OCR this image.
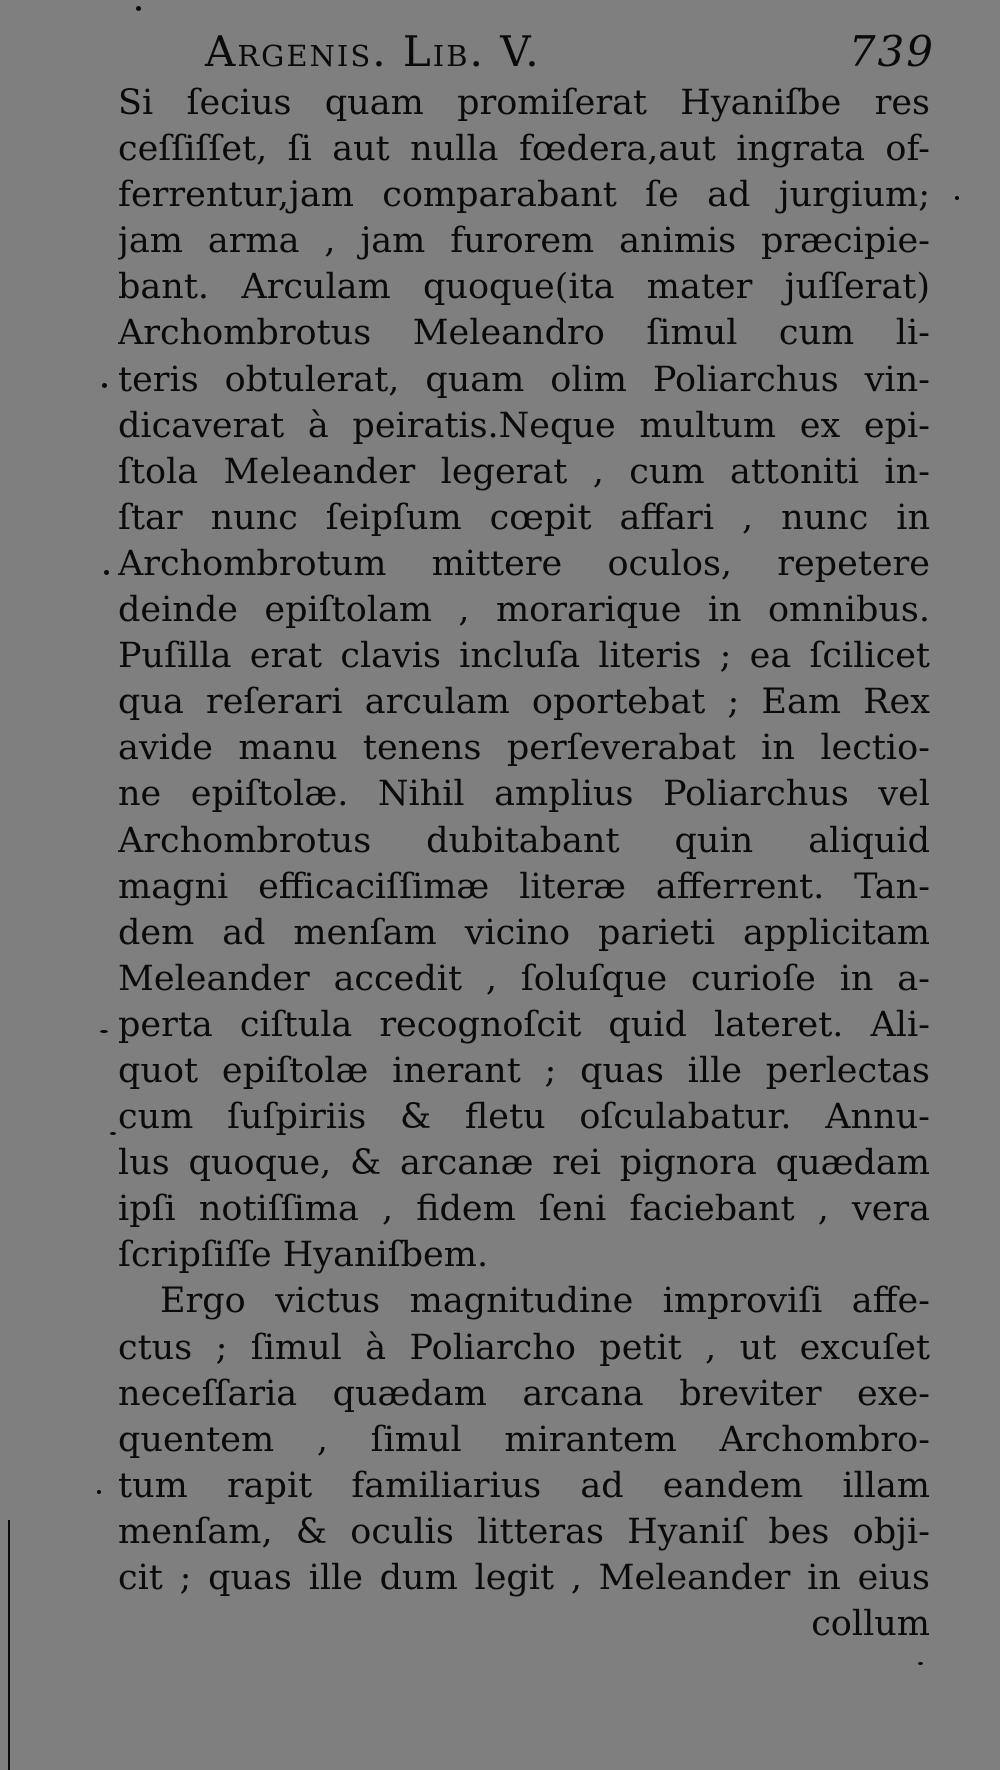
Argenis. Lib. V.	739
Si ſecius quam promiſerat Hyaniſbe res
ceſſiſſet, ſi aut nulla fœdera,aut ingrata of-
ferrentur,jam comparabant ſe ad jurgium;
jam arma , jam furorem animis præcipie-
bant. Arculam quoque(ita mater juſſerat)
Archombrotus Meleandro ſimul cum li-
teris obtulerat, quam olim Poliarchus vin-
dicaverat à peiratis.Neque multum ex epi-
ſtola Meleander legerat , cum attoniti in-
ſtar nunc ſeipſum cœpit affari , nunc in
Archombrotum mittere oculos, repetere
deinde epiſtolam , morarique in omnibus.
Puſilla erat clavis incluſa literis ; ea ſcilicet
qua reſerari arculam oportebat ; Eam Rex
avide manu tenens perſeverabat in lectio-
ne epiſtolæ. Nihil amplius Poliarchus vel
Archombrotus dubitabant quin aliquid
magni efficaciſſimæ literæ afferrent. Tan-
dem ad menſam vicino parieti applicitam
Meleander accedit , ſoluſque curioſe in a-
perta ciſtula recognoſcit quid lateret. Ali-
quot epiſtolæ inerant ; quas ille perlectas
cum ſuſpiriis & fletu oſculabatur. Annu-
lus quoque, & arcanæ rei pignora quædam
ipſi notiſſima , fidem ſeni faciebant , vera
ſcripſiſſe Hyaniſbem.
Ergo victus magnitudine improviſi affe-
ctus ; ſimul à Poliarcho petit , ut excuſet
neceſſaria quædam arcana breviter exe-
quentem , ſimul mirantem Archombro-
tum rapit familiarius ad eandem illam
menſam, & oculis litteras Hyaniſ bes obji-
cit ; quas ille dum legit , Meleander in eius
collum
